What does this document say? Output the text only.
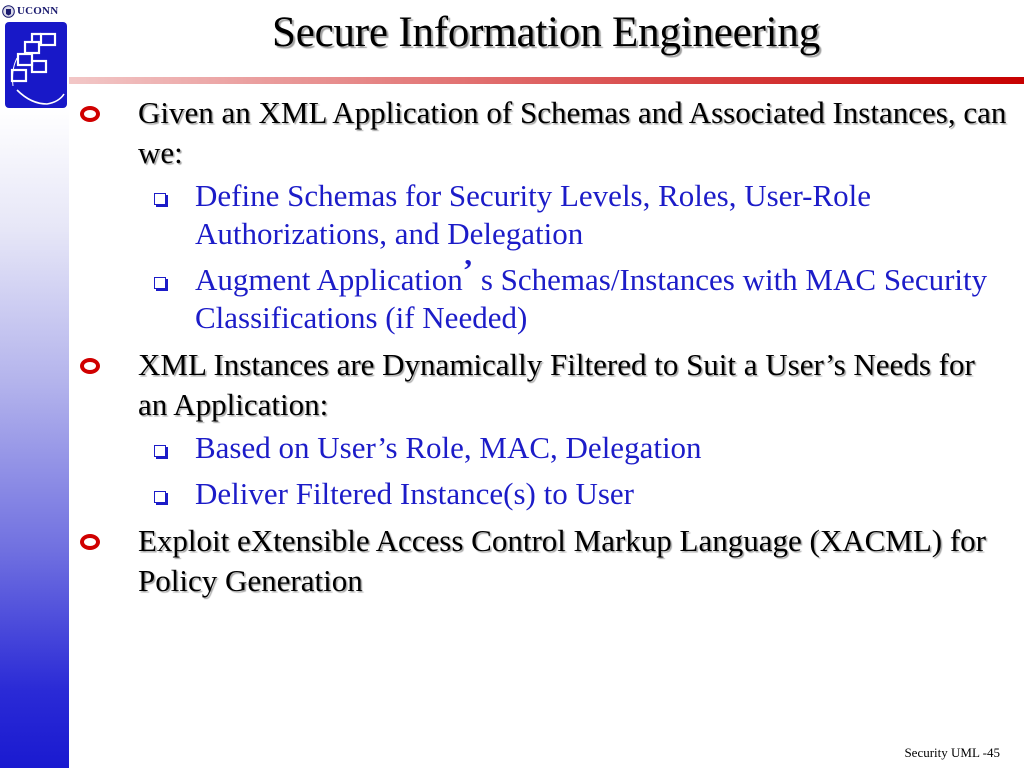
UCONN	Secure Information Engineering
Given an XML Application of Schemas and Associated Instances, can we:
Define Schemas for Security Levels, Roles, User-Role Authorizations, and Delegation
Augment Application’ s Schemas/Instances with MAC Security Classifications (if Needed)
XML Instances are Dynamically Filtered to Suit a User’s Needs for an Application:
Based on User’s Role, MAC, Delegation
Deliver Filtered Instance(s) to User
Exploit eXtensible Access Control Markup Language (XACML) for Policy Generation
Security UML -45
